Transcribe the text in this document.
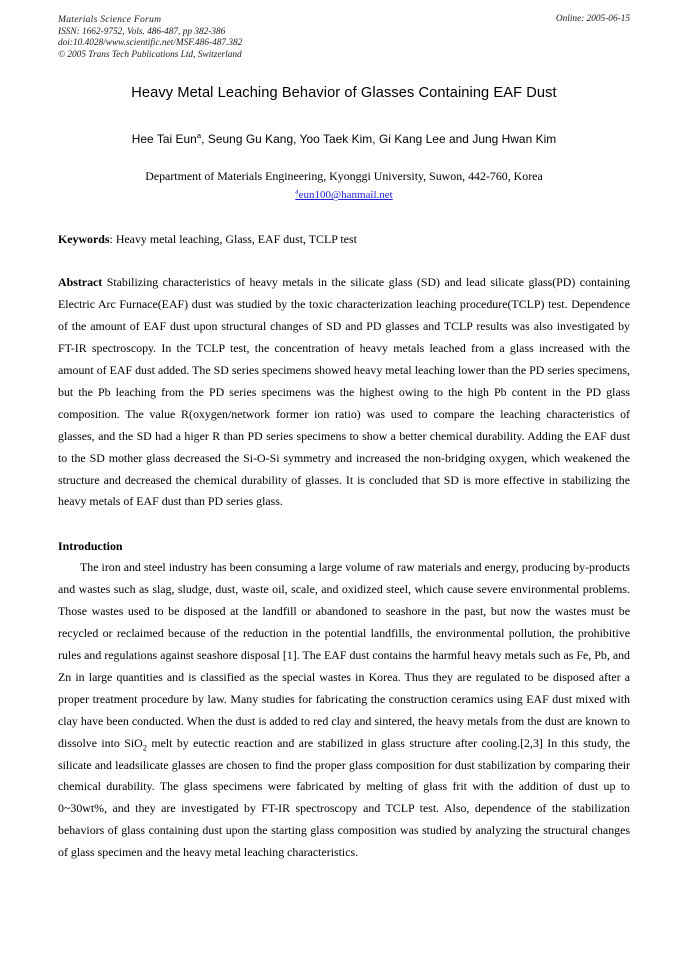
Materials Science Forum
ISSN: 1662-9752, Vols. 486-487, pp 382-386
doi:10.4028/www.scientific.net/MSF.486-487.382
© 2005 Trans Tech Publications Ltd, Switzerland
Online: 2005-06-15
Heavy Metal Leaching Behavior of Glasses Containing EAF Dust
Hee Tai Eun$^a$, Seung Gu Kang, Yoo Taek Kim, Gi Kang Lee and Jung Hwan Kim
Department of Materials Engineering, Kyonggi University, Suwon, 442-760, Korea
$^a$eun100@hanmail.net
Keywords: Heavy metal leaching, Glass, EAF dust, TCLP test
Abstract Stabilizing characteristics of heavy metals in the silicate glass (SD) and lead silicate glass(PD) containing Electric Arc Furnace(EAF) dust was studied by the toxic characterization leaching procedure(TCLP) test. Dependence of the amount of EAF dust upon structural changes of SD and PD glasses and TCLP results was also investigated by FT-IR spectroscopy. In the TCLP test, the concentration of heavy metals leached from a glass increased with the amount of EAF dust added. The SD series specimens showed heavy metal leaching lower than the PD series specimens, but the Pb leaching from the PD series specimens was the highest owing to the high Pb content in the PD glass composition. The value R(oxygen/network former ion ratio) was used to compare the leaching characteristics of glasses, and the SD had a higer R than PD series specimens to show a better chemical durability. Adding the EAF dust to the SD mother glass decreased the Si-O-Si symmetry and increased the non-bridging oxygen, which weakened the structure and decreased the chemical durability of glasses. It is concluded that SD is more effective in stabilizing the heavy metals of EAF dust than PD series glass.
Introduction
The iron and steel industry has been consuming a large volume of raw materials and energy, producing by-products and wastes such as slag, sludge, dust, waste oil, scale, and oxidized steel, which cause severe environmental problems. Those wastes used to be disposed at the landfill or abandoned to seashore in the past, but now the wastes must be recycled or reclaimed because of the reduction in the potential landfills, the environmental pollution, the prohibitive rules and regulations against seashore disposal [1]. The EAF dust contains the harmful heavy metals such as Fe, Pb, and Zn in large quantities and is classified as the special wastes in Korea. Thus they are regulated to be disposed after a proper treatment procedure by law. Many studies for fabricating the construction ceramics using EAF dust mixed with clay have been conducted. When the dust is added to red clay and sintered, the heavy metals from the dust are known to dissolve into SiO$_2$ melt by eutectic reaction and are stabilized in glass structure after cooling.[2,3] In this study, the silicate and leadsilicate glasses are chosen to find the proper glass composition for dust stabilization by comparing their chemical durability. The glass specimens were fabricated by melting of glass frit with the addition of dust up to 0~30wt%, and they are investigated by FT-IR spectroscopy and TCLP test. Also, dependence of the stabilization behaviors of glass containing dust upon the starting glass composition was studied by analyzing the structural changes of glass specimen and the heavy metal leaching characteristics.
